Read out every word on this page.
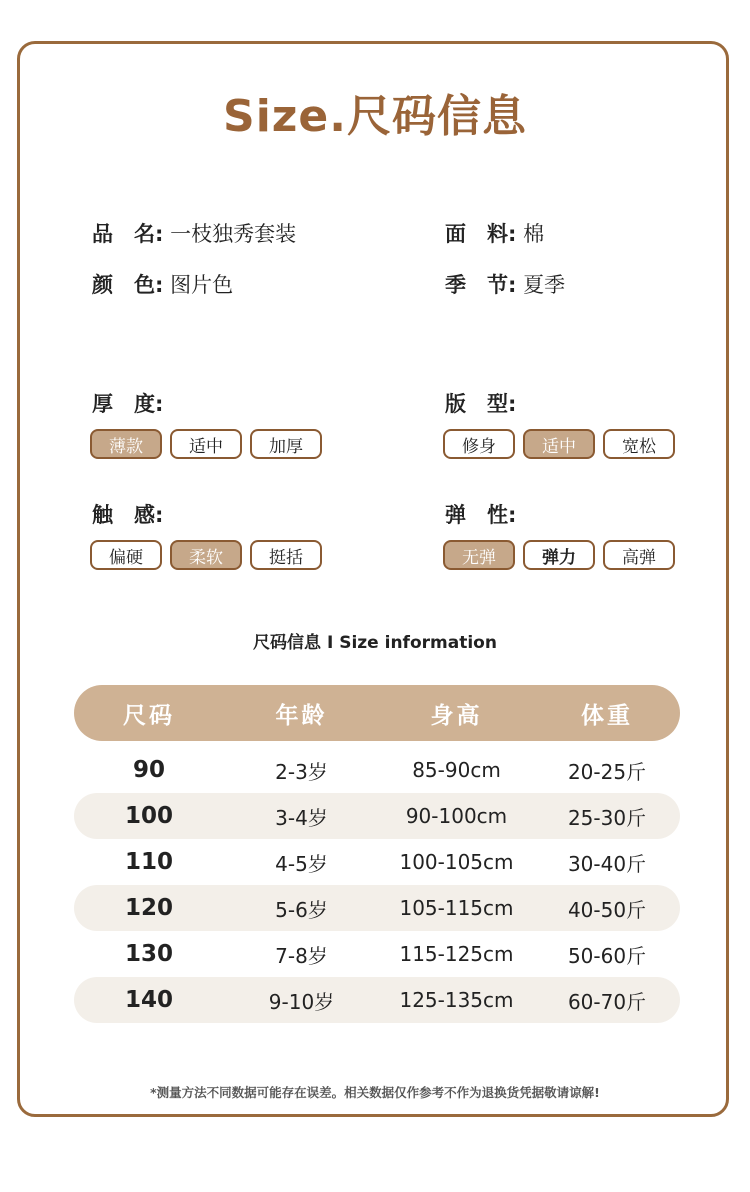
Size.尺码信息
品　名: 一枝独秀套装	面　料: 棉
颜　色: 图片色	季　节: 夏季
厚　度:
薄款	适中	加厚
版　型:
修身	适中	宽松
触　感:
偏硬	柔软	挺括
弹　性:
无弹	弹力	高弹
尺码信息 I Size information
尺码	年龄	身高	体重
90	2-3岁	85-90cm	20-25斤
100	3-4岁	90-100cm	25-30斤
110	4-5岁	100-105cm	30-40斤
120	5-6岁	105-115cm	40-50斤
130	7-8岁	115-125cm	50-60斤
140	9-10岁	125-135cm	60-70斤
*测量方法不同数据可能存在误差。相关数据仅作参考不作为退换货凭据敬请谅解!
